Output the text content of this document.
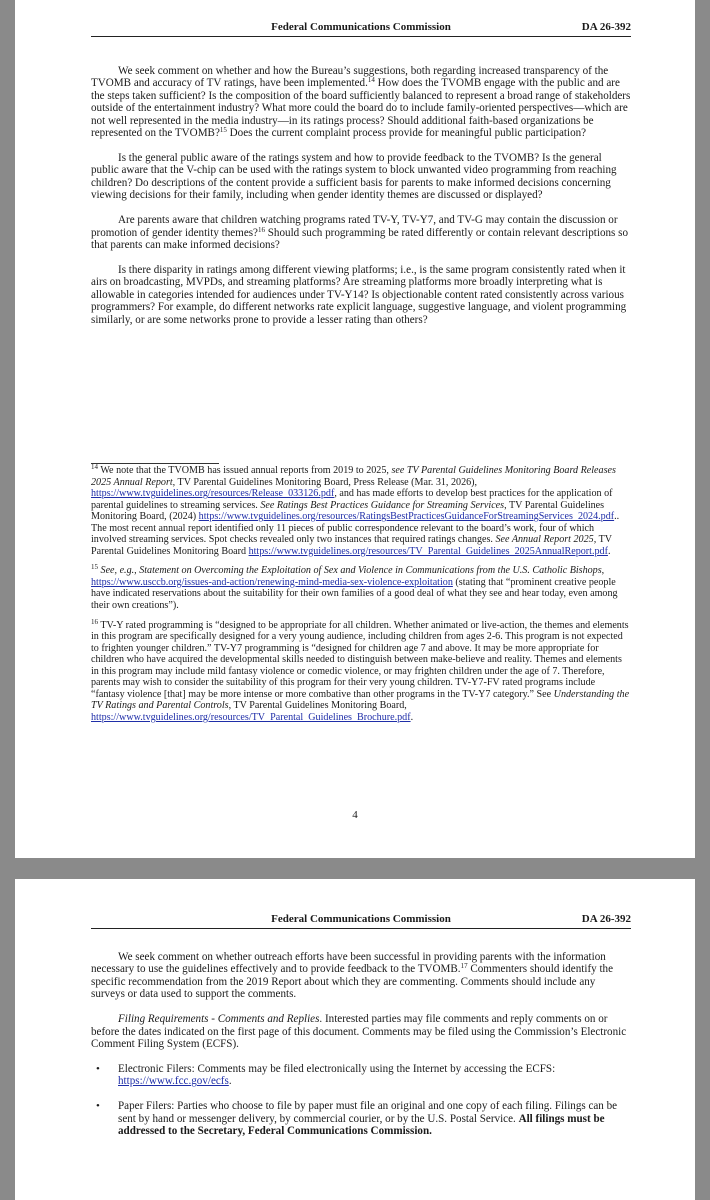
Federal Communications Commission	DA 26-392

We seek comment on whether and how the Bureau’s suggestions, both regarding increased transparency of the TVOMB and accuracy of TV ratings, have been implemented.$^{14}$ How does the TVOMB engage with the public and are the steps taken sufficient? Is the composition of the board sufficiently balanced to represent a broad range of stakeholders outside of the entertainment industry? What more could the board do to include family-oriented perspectives—which are not well represented in the media industry—in its ratings process? Should additional faith-based organizations be represented on the TVOMB?$^{15}$ Does the current complaint process provide for meaningful public participation?

Is the general public aware of the ratings system and how to provide feedback to the TVOMB? Is the general public aware that the V-chip can be used with the ratings system to block unwanted video programming from reaching children? Do descriptions of the content provide a sufficient basis for parents to make informed decisions concerning viewing decisions for their family, including when gender identity themes are discussed or displayed?

Are parents aware that children watching programs rated TV-Y, TV-Y7, and TV-G may contain the discussion or promotion of gender identity themes?$^{16}$ Should such programming be rated differently or contain relevant descriptions so that parents can make informed decisions?

Is there disparity in ratings among different viewing platforms; i.e., is the same program consistently rated when it airs on broadcasting, MVPDs, and streaming platforms? Are streaming platforms more broadly interpreting what is allowable in categories intended for audiences under TV-Y14? Is objectionable content rated consistently across various programmers? For example, do different networks rate explicit language, suggestive language, and violent programming similarly, or are some networks prone to provide a lesser rating than others?

$^{14}$ We note that the TVOMB has issued annual reports from 2019 to 2025, see TV Parental Guidelines Monitoring Board Releases 2025 Annual Report, TV Parental Guidelines Monitoring Board, Press Release (Mar. 31, 2026), https://www.tvguidelines.org/resources/Release_033126.pdf, and has made efforts to develop best practices for the application of parental guidelines to streaming services. See Ratings Best Practices Guidance for Streaming Services, TV Parental Guidelines Monitoring Board, (2024) https://www.tvguidelines.org/resources/RatingsBestPracticesGuidanceForStreamingServices_2024.pdf.. The most recent annual report identified only 11 pieces of public correspondence relevant to the board’s work, four of which involved streaming services. Spot checks revealed only two instances that required ratings changes. See Annual Report 2025, TV Parental Guidelines Monitoring Board https://www.tvguidelines.org/resources/TV_Parental_Guidelines_2025AnnualReport.pdf.

$^{15}$ See, e.g., Statement on Overcoming the Exploitation of Sex and Violence in Communications from the U.S. Catholic Bishops, https://www.usccb.org/issues-and-action/renewing-mind-media-sex-violence-exploitation (stating that “prominent creative people have indicated reservations about the suitability for their own families of a good deal of what they see and hear today, even among their own creations”).

$^{16}$ TV-Y rated programming is “designed to be appropriate for all children. Whether animated or live-action, the themes and elements in this program are specifically designed for a very young audience, including children from ages 2-6. This program is not expected to frighten younger children.” TV-Y7 programming is “designed for children age 7 and above. It may be more appropriate for children who have acquired the developmental skills needed to distinguish between make-believe and reality. Themes and elements in this program may include mild fantasy violence or comedic violence, or may frighten children under the age of 7. Therefore, parents may wish to consider the suitability of this program for their very young children. TV-Y7-FV rated programs include “fantasy violence [that] may be more intense or more combative than other programs in the TV-Y7 category.” See Understanding the TV Ratings and Parental Controls, TV Parental Guidelines Monitoring Board, https://www.tvguidelines.org/resources/TV_Parental_Guidelines_Brochure.pdf.

4
Federal Communications Commission	DA 26-392

We seek comment on whether outreach efforts have been successful in providing parents with the information necessary to use the guidelines effectively and to provide feedback to the TVOMB.$^{17}$ Commenters should identify the specific recommendation from the 2019 Report about which they are commenting. Comments should include any surveys or data used to support the comments.

Filing Requirements - Comments and Replies. Interested parties may file comments and reply comments on or before the dates indicated on the first page of this document. Comments may be filed using the Commission’s Electronic Comment Filing System (ECFS).

• Electronic Filers: Comments may be filed electronically using the Internet by accessing the ECFS: https://www.fcc.gov/ecfs.
• Paper Filers: Parties who choose to file by paper must file an original and one copy of each filing. Filings can be sent by hand or messenger delivery, by commercial courier, or by the U.S. Postal Service. All filings must be addressed to the Secretary, Federal Communications Commission.
